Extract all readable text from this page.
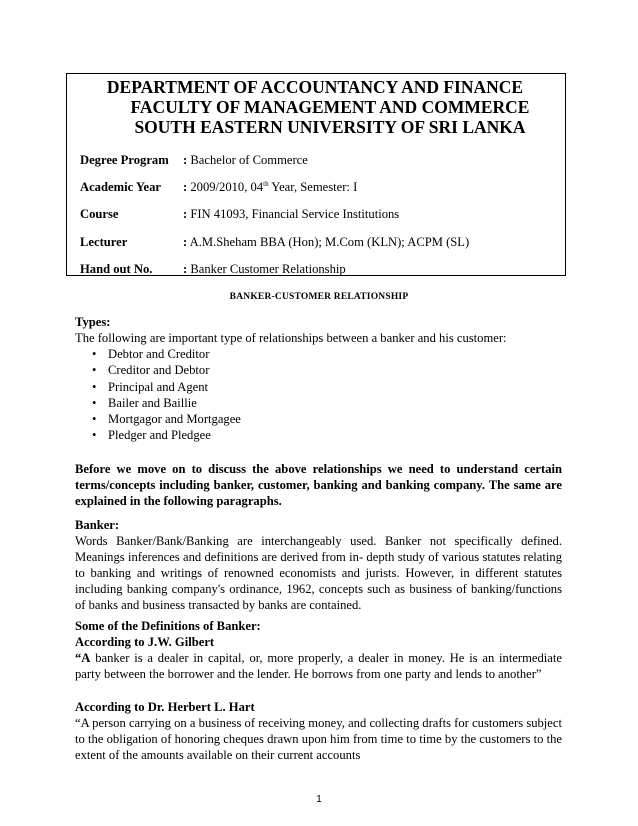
DEPARTMENT OF ACCOUNTANCY AND FINANCE
FACULTY OF MANAGEMENT AND COMMERCE
SOUTH EASTERN UNIVERSITY OF SRI LANKA
Degree Program : Bachelor of Commerce
Academic Year : 2009/2010, 04th Year, Semester: I
Course	: FIN 41093, Financial Service Institutions
Lecturer	: A.M.Sheham BBA (Hon); M.Com (KLN); ACPM (SL)
Hand out No. : Banker Customer Relationship
BANKER-CUSTOMER RELATIONSHIP
Types:
The following are important type of relationships between a banker and his customer:
• Debtor and Creditor
• Creditor and Debtor
• Principal and Agent
• Bailer and Baillie
• Mortgagor and Mortgagee
• Pledger and Pledgee
Before we move on to discuss the above relationships we need to understand certain terms/concepts including banker, customer, banking and banking company. The same are explained in the following paragraphs.
Banker:
Words Banker/Bank/Banking are interchangeably used. Banker not specifically defined. Meanings inferences and definitions are derived from in- depth study of various statutes relating to banking and writings of renowned economists and jurists. However, in different statutes including banking company's ordinance, 1962, concepts such as business of banking/functions of banks and business transacted by banks are contained.
Some of the Definitions of Banker:
According to J.W. Gilbert
“A banker is a dealer in capital, or, more properly, a dealer in money. He is an intermediate party between the borrower and the lender. He borrows from one party and lends to another”
According to Dr. Herbert L. Hart
“A person carrying on a business of receiving money, and collecting drafts for customers subject to the obligation of honoring cheques drawn upon him from time to time by the customers to the extent of the amounts available on their current accounts
1
